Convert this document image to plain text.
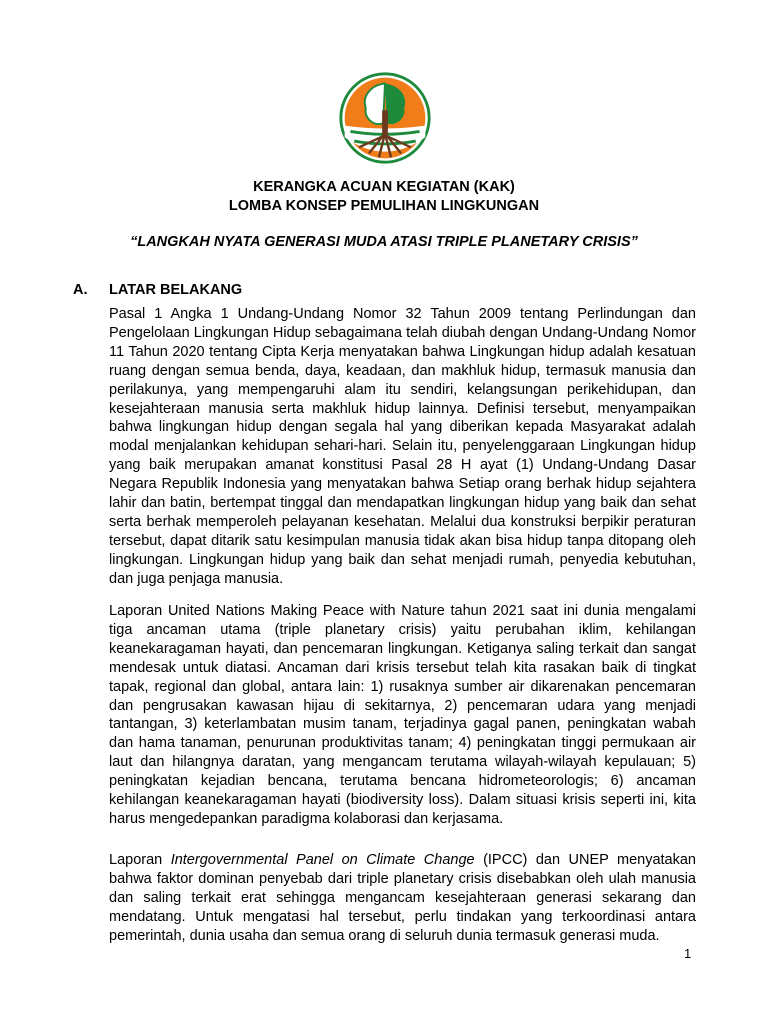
KERANGKA ACUAN KEGIATAN (KAK)
LOMBA KONSEP PEMULIHAN LINGKUNGAN
“LANGKAH NYATA GENERASI MUDA ATASI TRIPLE PLANETARY CRISIS”
A. LATAR BELAKANG

Pasal 1 Angka 1 Undang-Undang Nomor 32 Tahun 2009 tentang Perlindungan dan Pengelolaan Lingkungan Hidup sebagaimana telah diubah dengan Undang-Undang Nomor 11 Tahun 2020 tentang Cipta Kerja menyatakan bahwa Lingkungan hidup adalah kesatuan ruang dengan semua benda, daya, keadaan, dan makhluk hidup, termasuk manusia dan perilakunya, yang mempengaruhi alam itu sendiri, kelangsungan perikehidupan, dan kesejahteraan manusia serta makhluk hidup lainnya. Definisi tersebut, menyampaikan bahwa lingkungan hidup dengan segala hal yang diberikan kepada Masyarakat adalah modal menjalankan kehidupan sehari-hari. Selain itu, penyelenggaraan Lingkungan hidup yang baik merupakan amanat konstitusi Pasal 28 H ayat (1) Undang-Undang Dasar Negara Republik Indonesia yang menyatakan bahwa Setiap orang berhak hidup sejahtera lahir dan batin, bertempat tinggal dan mendapatkan lingkungan hidup yang baik dan sehat serta berhak memperoleh pelayanan kesehatan. Melalui dua konstruksi berpikir peraturan tersebut, dapat ditarik satu kesimpulan manusia tidak akan bisa hidup tanpa ditopang oleh lingkungan. Lingkungan hidup yang baik dan sehat menjadi rumah, penyedia kebutuhan, dan juga penjaga manusia.

Laporan United Nations Making Peace with Nature tahun 2021 saat ini dunia mengalami tiga ancaman utama (triple planetary crisis) yaitu perubahan iklim, kehilangan keanekaragaman hayati, dan pencemaran lingkungan. Ketiganya saling terkait dan sangat mendesak untuk diatasi. Ancaman dari krisis tersebut telah kita rasakan baik di tingkat tapak, regional dan global, antara lain: 1) rusaknya sumber air dikarenakan pencemaran dan pengrusakan kawasan hijau di sekitarnya, 2) pencemaran udara yang menjadi tantangan, 3) keterlambatan musim tanam, terjadinya gagal panen, peningkatan wabah dan hama tanaman, penurunan produktivitas tanam; 4) peningkatan tinggi permukaan air laut dan hilangnya daratan, yang mengancam terutama wilayah-wilayah kepulauan; 5) peningkatan kejadian bencana, terutama bencana hidrometeorologis; 6) ancaman kehilangan keanekaragaman hayati (biodiversity loss). Dalam situasi krisis seperti ini, kita harus mengedepankan paradigma kolaborasi dan kerjasama.

Laporan Intergovernmental Panel on Climate Change (IPCC) dan UNEP menyatakan bahwa faktor dominan penyebab dari triple planetary crisis disebabkan oleh ulah manusia dan saling terkait erat sehingga mengancam kesejahteraan generasi sekarang dan mendatang. Untuk mengatasi hal tersebut, perlu tindakan yang terkoordinasi antara pemerintah, dunia usaha dan semua orang di seluruh dunia termasuk generasi muda.

1
